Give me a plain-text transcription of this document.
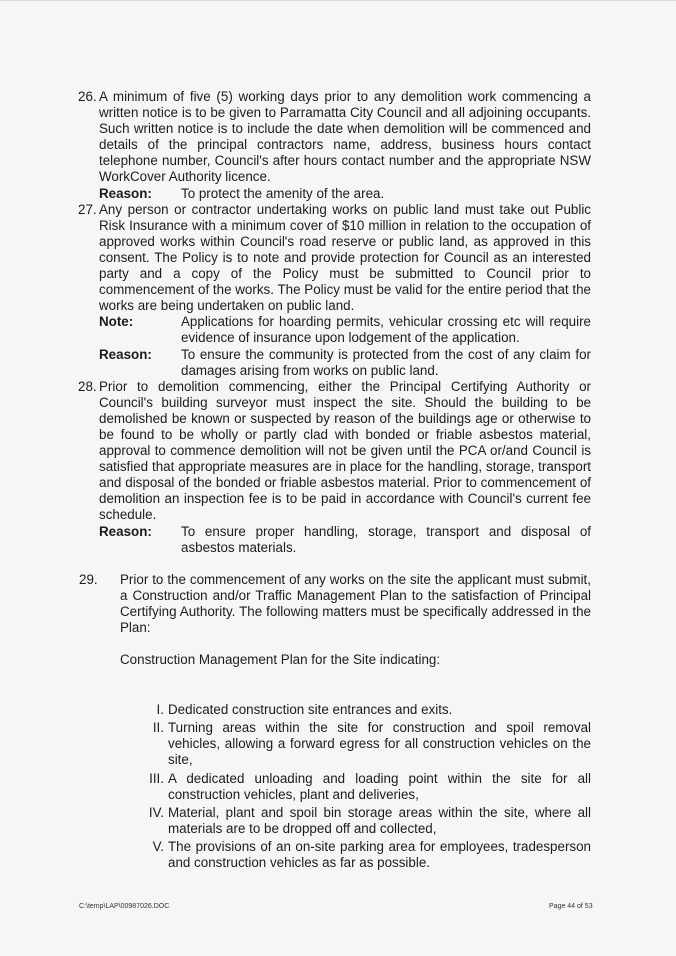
26. A minimum of five (5) working days prior to any demolition work commencing a written notice is to be given to Parramatta City Council and all adjoining occupants. Such written notice is to include the date when demolition will be commenced and details of the principal contractors name, address, business hours contact telephone number, Council's after hours contact number and the appropriate NSW WorkCover Authority licence.

Reason:	To protect the amenity of the area.
27. Any person or contractor undertaking works on public land must take out Public Risk Insurance with a minimum cover of $10 million in relation to the occupation of approved works within Council's road reserve or public land, as approved in this consent. The Policy is to note and provide protection for Council as an interested party and a copy of the Policy must be submitted to Council prior to commencement of the works. The Policy must be valid for the entire period that the works are being undertaken on public land.

Note:	Applications for hoarding permits, vehicular crossing etc will require evidence of insurance upon lodgement of the application.
Reason:	To ensure the community is protected from the cost of any claim for damages arising from works on public land.
28. Prior to demolition commencing, either the Principal Certifying Authority or Council's building surveyor must inspect the site. Should the building to be demolished be known or suspected by reason of the buildings age or otherwise to be found to be wholly or partly clad with bonded or friable asbestos material, approval to commence demolition will not be given until the PCA or/and Council is satisfied that appropriate measures are in place for the handling, storage, transport and disposal of the bonded or friable asbestos material. Prior to commencement of demolition an inspection fee is to be paid in accordance with Council's current fee schedule.

Reason:	To ensure proper handling, storage, transport and disposal of asbestos materials.
29. Prior to the commencement of any works on the site the applicant must submit, a Construction and/or Traffic Management Plan to the satisfaction of Principal Certifying Authority. The following matters must be specifically addressed in the Plan:

Construction Management Plan for the Site indicating:

I. Dedicated construction site entrances and exits.
II. Turning areas within the site for construction and spoil removal vehicles, allowing a forward egress for all construction vehicles on the site,
III. A dedicated unloading and loading point within the site for all construction vehicles, plant and deliveries,
IV. Material, plant and spoil bin storage areas within the site, where all materials are to be dropped off and collected,
V. The provisions of an on-site parking area for employees, tradesperson and construction vehicles as far as possible.
C:\temp\LAP\00987026.DOC	Page 44 of 53
